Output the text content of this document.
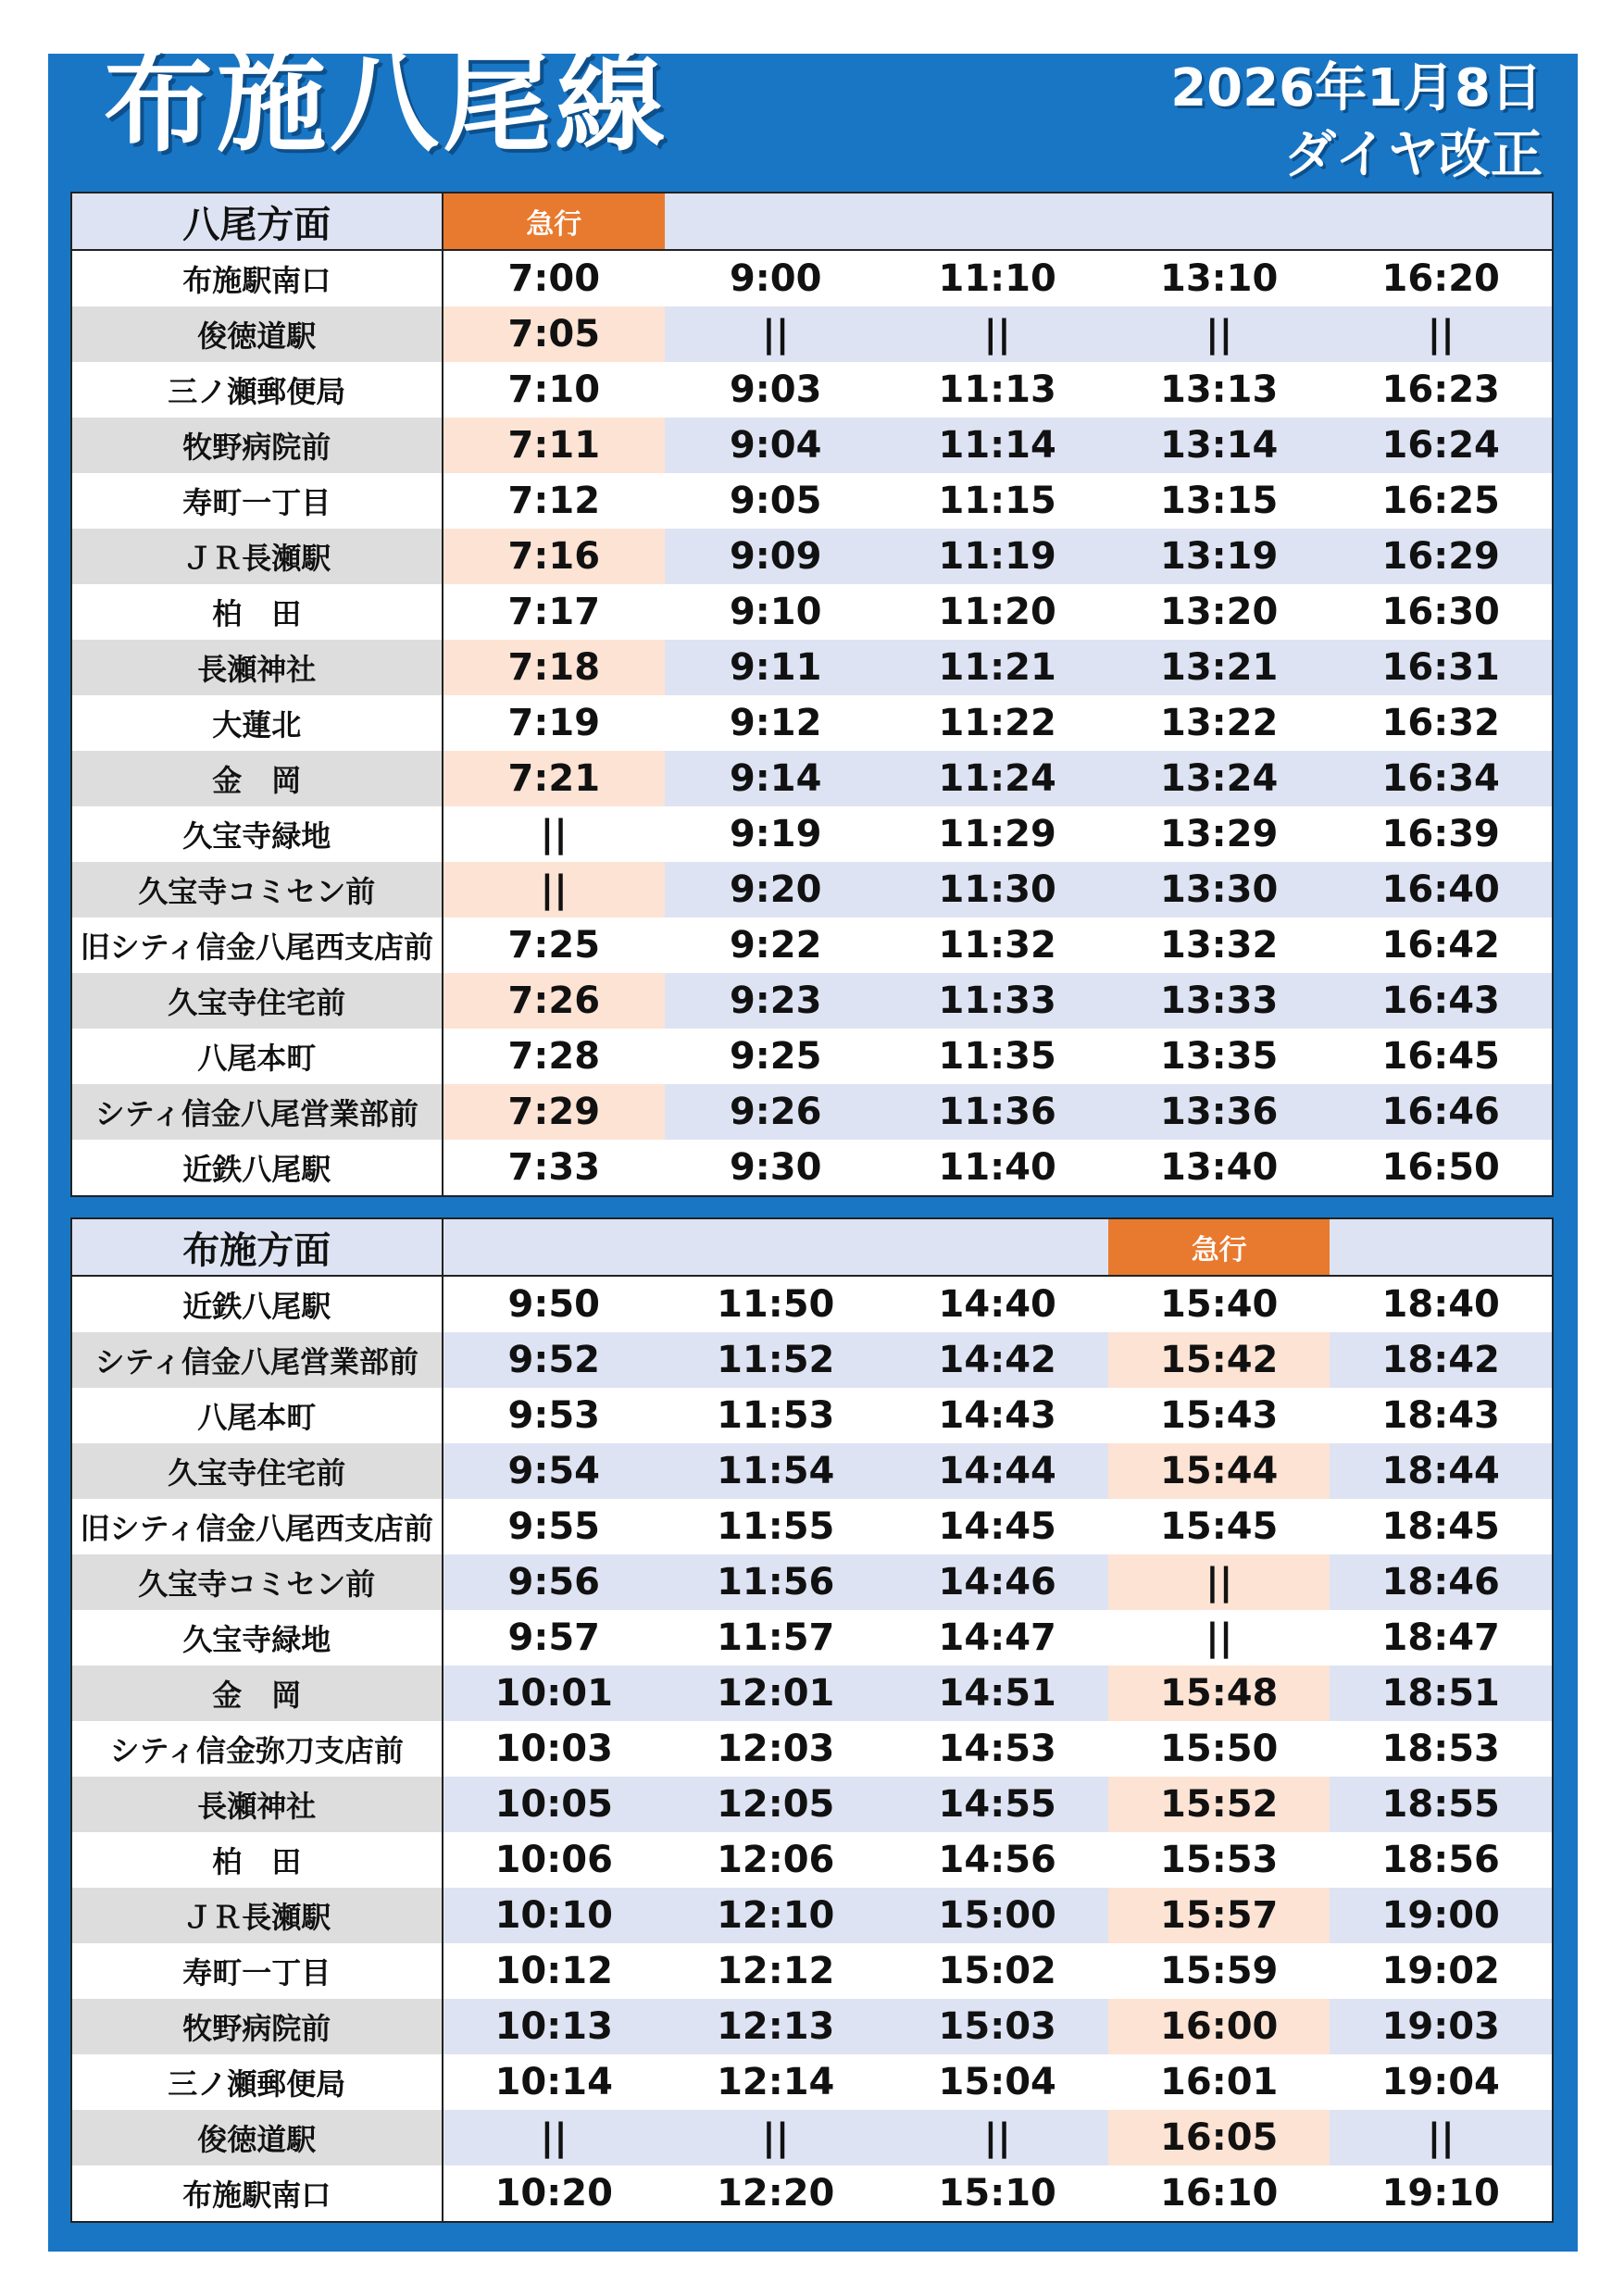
布施八尾線	2026年1月8日
ダイヤ改正
八尾方面	急行				
布施駅南口	7:00	9:00	11:10	13:10	16:20
俊徳道駅	7:05	||	||	||	||
三ノ瀬郵便局	7:10	9:03	11:13	13:13	16:23
牧野病院前	7:11	9:04	11:14	13:14	16:24
寿町一丁目	7:12	9:05	11:15	13:15	16:25
ＪＲ長瀬駅	7:16	9:09	11:19	13:19	16:29
柏　田	7:17	9:10	11:20	13:20	16:30
長瀬神社	7:18	9:11	11:21	13:21	16:31
大蓮北	7:19	9:12	11:22	13:22	16:32
金　岡	7:21	9:14	11:24	13:24	16:34
久宝寺緑地	||	9:19	11:29	13:29	16:39
久宝寺コミセン前	||	9:20	11:30	13:30	16:40
旧シティ信金八尾西支店前	7:25	9:22	11:32	13:32	16:42
久宝寺住宅前	7:26	9:23	11:33	13:33	16:43
八尾本町	7:28	9:25	11:35	13:35	16:45
シティ信金八尾営業部前	7:29	9:26	11:36	13:36	16:46
近鉄八尾駅	7:33	9:30	11:40	13:40	16:50
布施方面				急行	
近鉄八尾駅	9:50	11:50	14:40	15:40	18:40
シティ信金八尾営業部前	9:52	11:52	14:42	15:42	18:42
八尾本町	9:53	11:53	14:43	15:43	18:43
久宝寺住宅前	9:54	11:54	14:44	15:44	18:44
旧シティ信金八尾西支店前	9:55	11:55	14:45	15:45	18:45
久宝寺コミセン前	9:56	11:56	14:46	||	18:46
久宝寺緑地	9:57	11:57	14:47	||	18:47
金　岡	10:01	12:01	14:51	15:48	18:51
シティ信金弥刀支店前	10:03	12:03	14:53	15:50	18:53
長瀬神社	10:05	12:05	14:55	15:52	18:55
柏　田	10:06	12:06	14:56	15:53	18:56
ＪＲ長瀬駅	10:10	12:10	15:00	15:57	19:00
寿町一丁目	10:12	12:12	15:02	15:59	19:02
牧野病院前	10:13	12:13	15:03	16:00	19:03
三ノ瀬郵便局	10:14	12:14	15:04	16:01	19:04
俊徳道駅	||	||	||	16:05	||
布施駅南口	10:20	12:20	15:10	16:10	19:10
